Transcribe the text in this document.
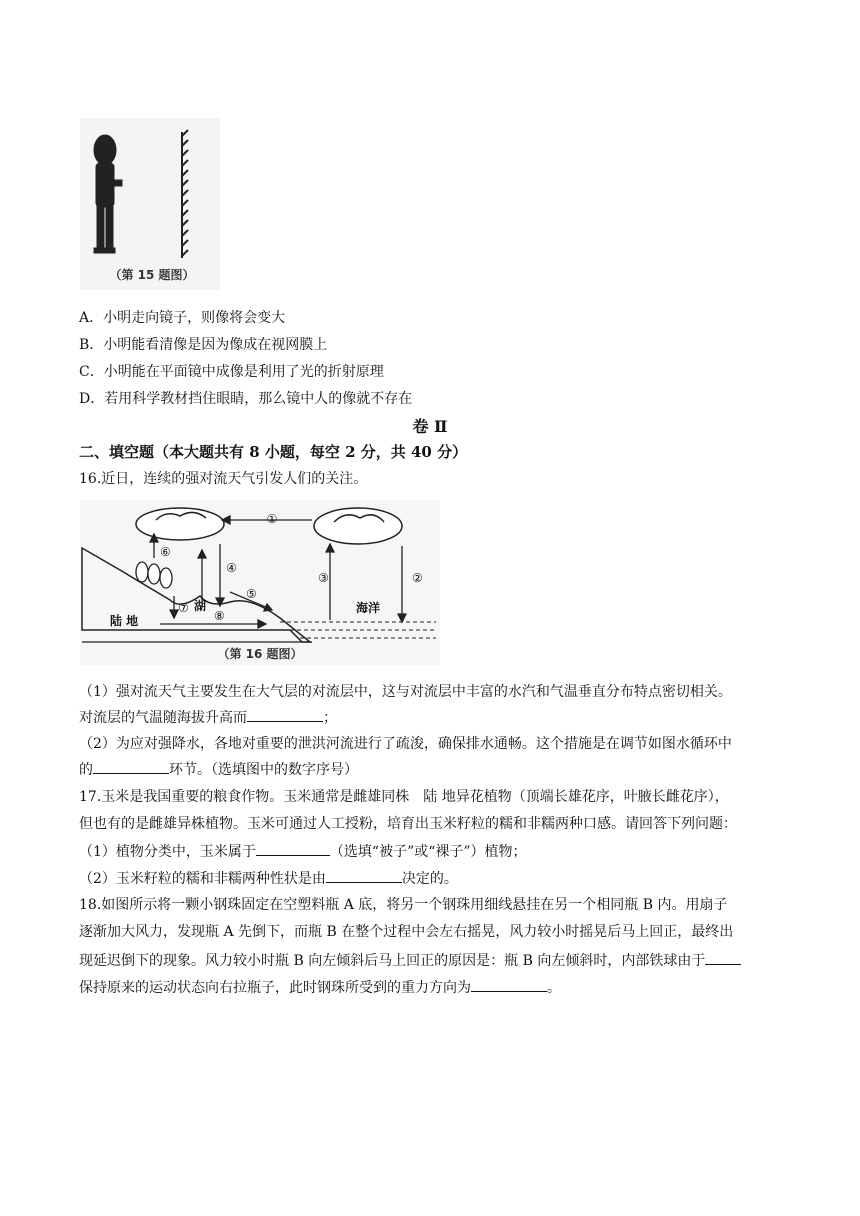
（第 15 题图）
A．小明走向镜子，则像将会变大
B．小明能看清像是因为像成在视网膜上
C．小明能在平面镜中成像是利用了光的折射原理
D．若用科学教材挡住眼睛，那么镜中人的像就不存在
卷 Ⅱ
二、填空题（本大题共有 8 小题，每空 2 分，共 40 分）
16.近日，连续的强对流天气引发人们的关注。
①
②
③
④
⑤
⑥
⑦
⑧
湖
陆 地
海洋
（第 16 题图）
（1）强对流天气主要发生在大气层的对流层中，这与对流层中丰富的水汽和气温垂直分布特点密切相关。
对流层的气温随海拔升高而	；
（2）为应对强降水，各地对重要的泄洪河流进行了疏浚，确保排水通畅。这个措施是在调节如图水循环中
的	环节。（选填图中的数字序号）
17.玉米是我国重要的粮食作物。玉米通常是雌雄同株　陆 地异花植物（顶端长雄花序，叶腋长雌花序），
但也有的是雌雄异株植物。玉米可通过人工授粉，培育出玉米籽粒的糯和非糯两种口感。请回答下列问题：
（1）植物分类中，玉米属于	（选填“被子”或“裸子”）植物；
（2）玉米籽粒的糯和非糯两种性状是由	决定的。
18.如图所示将一颗小钢珠固定在空塑料瓶 A 底，将另一个钢珠用细线悬挂在另一个相同瓶 B 内。用扇子
逐渐加大风力，发现瓶 A 先倒下，而瓶 B 在整个过程中会左右摇晃，风力较小时摇晃后马上回正，最终出
现延迟倒下的现象。风力较小时瓶 B 向左倾斜后马上回正的原因是：瓶 B 向左倾斜时，内部铁球由于
保持原来的运动状态向右拉瓶子，此时钢珠所受到的重力方向为	。
